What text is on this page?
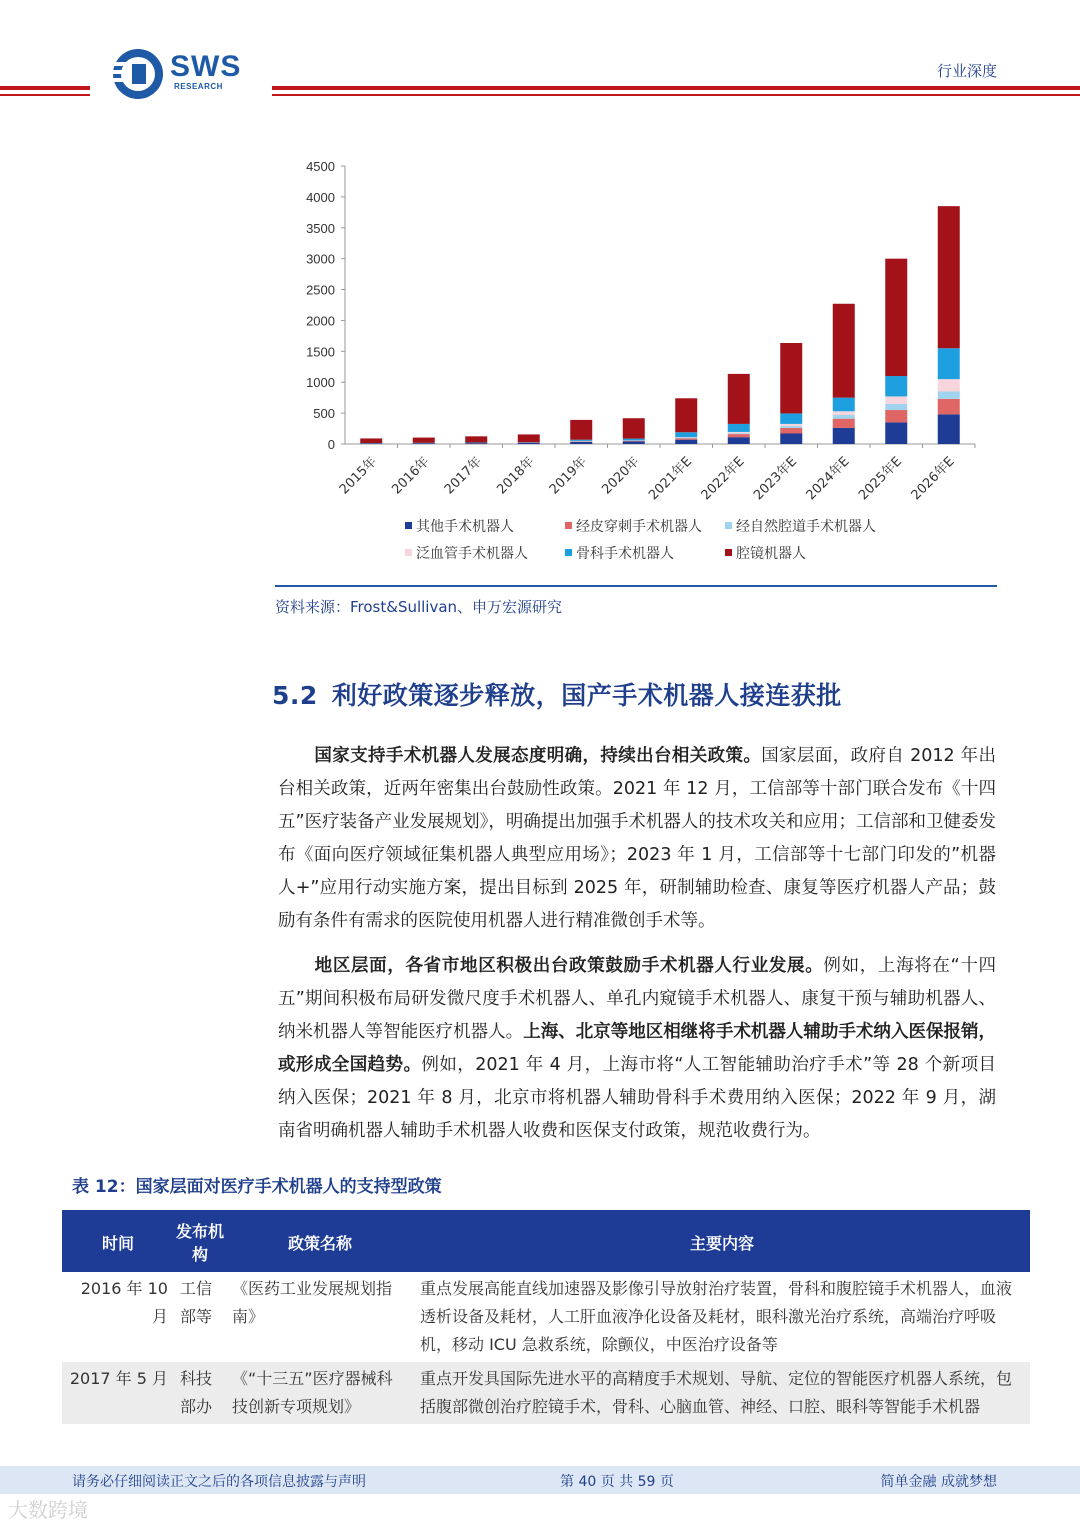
SWS
RESEARCH
行业深度
0
500
1000
1500
2000
2500
3000
3500
4000
4500
2015年 2016年 2017年 2018年 2019年 2020年 2021年E 2022年E 2023年E 2024年E 2025年E 2026年E
其他手术机器人	经皮穿刺手术机器人 经自然腔道手术机器人
泛血管手术机器人	骨科手术机器人	腔镜机器人
资料来源：Frost&Sullivan、申万宏源研究
5.2 利好政策逐步释放，国产手术机器人接连获批
国家支持手术机器人发展态度明确，持续出台相关政策。国家层面，政府自 2012 年出台相关政策，近两年密集出台鼓励性政策。2021 年 12 月，工信部等十部门联合发布《十四五”医疗装备产业发展规划》，明确提出加强手术机器人的技术攻关和应用；工信部和卫健委发布《面向医疗领域征集机器人典型应用场》；2023 年 1 月，工信部等十七部门印发的”机器人+”应用行动实施方案，提出目标到 2025 年，研制辅助检查、康复等医疗机器人产品；鼓励有条件有需求的医院使用机器人进行精准微创手术等。
地区层面，各省市地区积极出台政策鼓励手术机器人行业发展。例如，上海将在“十四五”期间积极布局研发微尺度手术机器人、单孔内窥镜手术机器人、康复干预与辅助机器人、纳米机器人等智能医疗机器人。上海、北京等地区相继将手术机器人辅助手术纳入医保报销，或形成全国趋势。例如，2021 年 4 月，上海市将“人工智能辅助治疗手术”等 28 个新项目纳入医保；2021 年 8 月，北京市将机器人辅助骨科手术费用纳入医保；2022 年 9 月，湖南省明确机器人辅助手术机器人收费和医保支付政策，规范收费行为。
表 12：国家层面对医疗手术机器人的支持型政策
时间	发布机构	政策名称	主要内容
2016 年 10 月	工信部等	《医药工业发展规划指南》	重点发展高能直线加速器及影像引导放射治疗装置，骨科和腹腔镜手术机器人，血液透析设备及耗材，人工肝血液净化设备及耗材，眼科激光治疗系统，高端治疗呼吸机，移动 ICU 急救系统，除颤仪，中医治疗设备等
2017 年 5 月	科技部办	《“十三五”医疗器械科技创新专项规划》	重点开发具国际先进水平的高精度手术规划、导航、定位的智能医疗机器人系统，包括腹部微创治疗腔镜手术，骨科、心脑血管、神经、口腔、眼科等智能手术机器
请务必仔细阅读正文之后的各项信息披露与声明	第 40 页 共 59 页	简单金融 成就梦想
大数跨境
